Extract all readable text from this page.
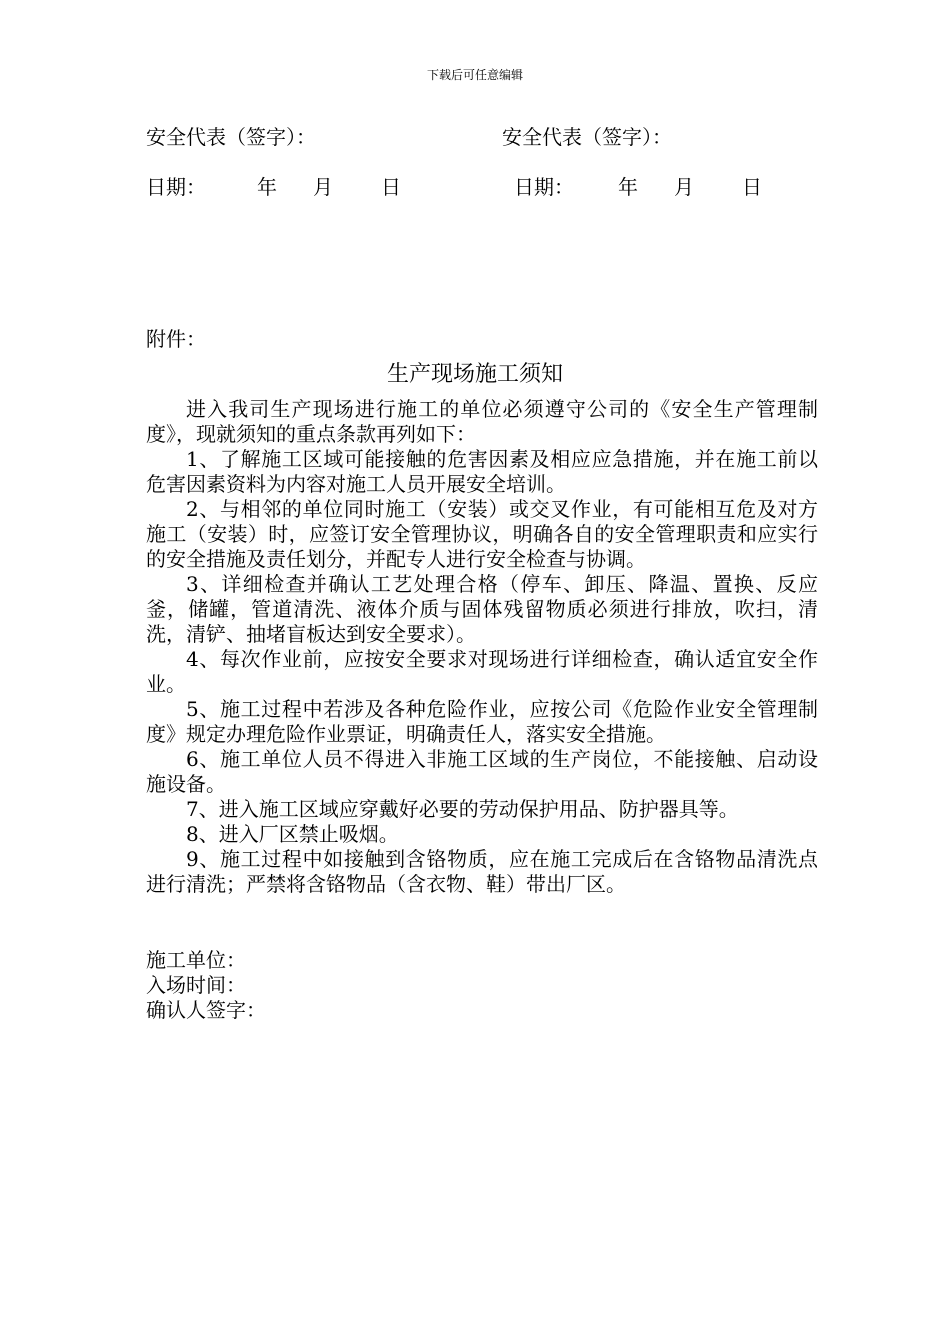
下载后可任意编辑
安全代表（签字）：	安全代表（签字）：
日期：	年 月 日	日期： 年 月 日
附件：
生产现场施工须知

进入我司生产现场进行施工的单位必须遵守公司的《安全生产管理制度》，现就须知的重点条款再列如下：

1、了解施工区域可能接触的危害因素及相应应急措施，并在施工前以危害因素资料为内容对施工人员开展安全培训。

2、与相邻的单位同时施工（安装）或交叉作业，有可能相互危及对方施工（安装）时，应签订安全管理协议，明确各自的安全管理职责和应实行的安全措施及责任划分，并配专人进行安全检查与协调。

3、详细检查并确认工艺处理合格（停车、卸压、降温、置换、反应釜，储罐，管道清洗、液体介质与固体残留物质必须进行排放，吹扫，清洗，清铲、抽堵盲板达到安全要求）。

4、每次作业前，应按安全要求对现场进行详细检查，确认适宜安全作业。

5、施工过程中若涉及各种危险作业，应按公司《危险作业安全管理制度》规定办理危险作业票证，明确责任人，落实安全措施。

6、施工单位人员不得进入非施工区域的生产岗位，不能接触、启动设施设备。

7、进入施工区域应穿戴好必要的劳动保护用品、防护器具等。

8、进入厂区禁止吸烟。

9、施工过程中如接触到含铬物质，应在施工完成后在含铬物品清洗点进行清洗；严禁将含铬物品（含衣物、鞋）带出厂区。

施工单位：
入场时间：
确认人签字：
